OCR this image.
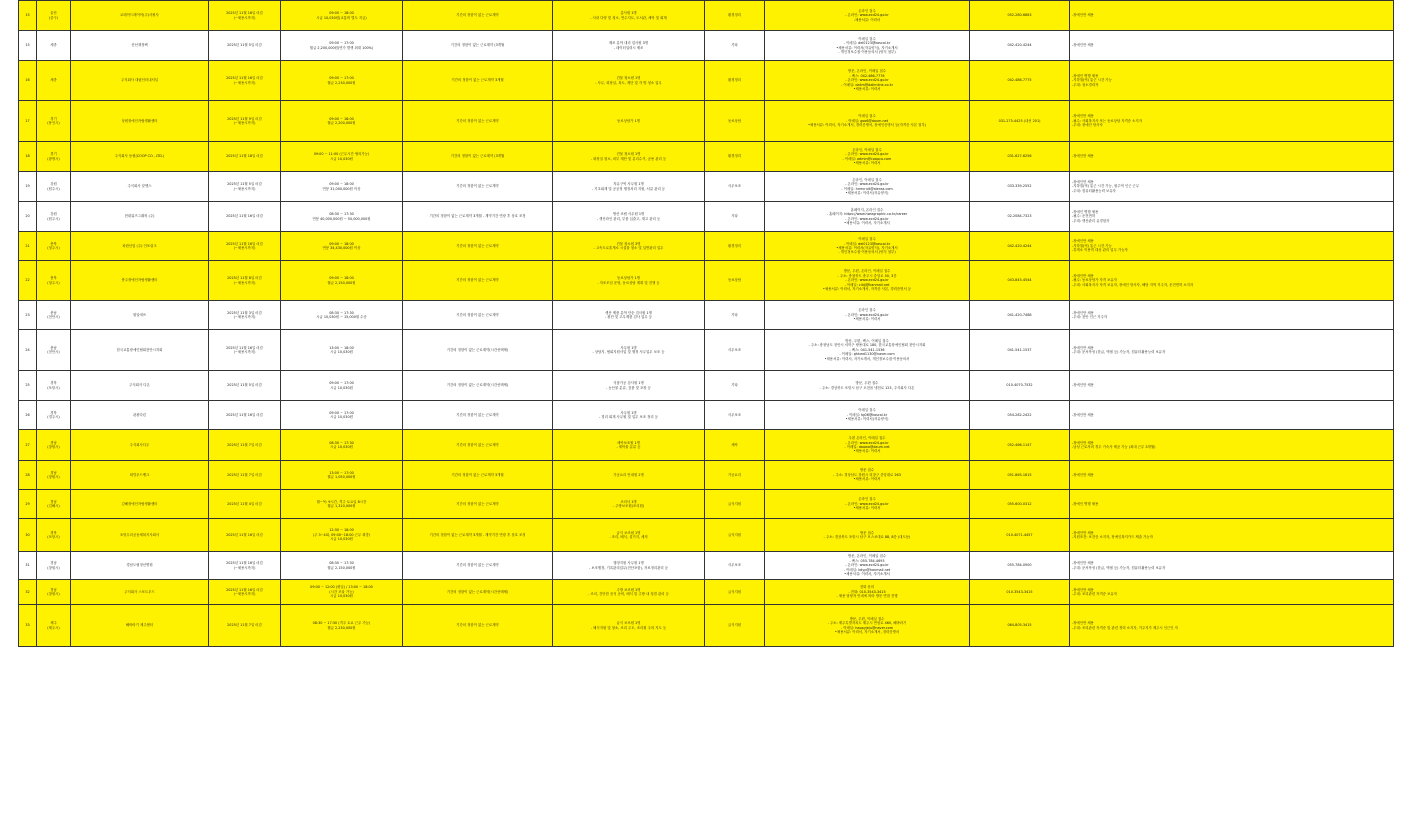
15	울산
(중구)	로테이드레이아(주)사원사	2025년 11월 16일 마감
(~채용시까지)	09:00 ~ 18:00
시급 10,030원(교통비 별도 지급)	기간의 정함이 없는 근로계약	총사원 1명
- 사내 다양 및 청소, 연수지도, 도서관, 세탁 및 회계	환경정리	온라인 접수
- 온라인: www.ecd24.go.kr
-채용서류: 이력서	052-280-6863	-장애인만 채용

15	세종	산선재정팩	2025년 11월 5일 마감	09:00 ~ 17:00
월급 2,200,000원(연가 발생 최대 100%)	기간의 정함이 없는 근로계약 (3개월	제조 분야 대리 업사원 3명
- 데이터입력시 제조	기타	이메일 접수
- 이메일: del0123@koscol.kr
•채용서류: 이력서(자유양식), 자기소개서
- 개인정보수집·이용동의서 (양식 첨부)	042-420-4244	-장애인만 채용

16	세종	주식회사 대림인터내셔널	2025년 11월 16일 마감
(~채용시까지)	09:00 ~ 17:00
월급 2,230,000원	기간의 정함이 없는 근로계약 3개월	건물 청소원 1명
- 사무, 화장실, 복도, 계단 및 각 방 청소 업무	환경정리	방문, 온라인, 이메일 접수
- 팩스: 042-486-7776
- 온라인: www.ecd24.go.kr
- 이메일: dalim@dalimlink.co.kr
•채용서류: 이력서	042-486-7775	-장애인 병행 채용
-지하철(역) 통근 시간 가능
-우대: 청소경력자

17	경기
(용인시)	상원장애인자립생활센터	2025년 11월 9일 마감
(~채용시까지)	09:00 ~ 18:00
월급 2,200,000원	기간의 정함이 없는 근로계약	동료상담가 1명	동료상담	이메일 접수
- 이메일: gso6@daum.net
•채용서류: 이력서, 자기소개서, 경력증명서, 장애인증명서 등(자격증 사본 첨부)	031-275-4425 (내선 201)	-장애인만 채용
-필수: 사회복지사 또는 동료상담 자격증 소지자
-우대: 장애인 당사자

18	경기
(광명시)	주식회사 동원(COOP CO., LTD.)	2025년 11월 18일 마감	09:00 ~ 11:00 (근무시간 협의가능)
시급 10,030원	기간의 정함이 없는 근로계약 (3개월	건물 청소원 1명
- 화장실 청소, 외부 계단 및 분리수거, 공용 관리 등	환경정리	온라인, 이메일 접수
- 온라인: www.ecd24.go.kr
- 이메일: admin@coopco.com
•채용서류: 이력서	031-627-6256	-장애인만 채용

19	강원
(원주시)	주식회사 알엔스	2025년 11월 5일 마감
(~채용시까지)	09:00 ~ 18:00
연봉 31,000,000원 이상	기간의 정함이 없는 근로계약	자유구역 사무원 1명
- 기초회계 및 공공정 행정처리 지원, 서류 관리 등	사무보조	온라인, 이메일 접수
- 온라인: www.ecd24.go.kr
- 이메일: hrrecruit@alenss.com
•채용서류: 이력서(자유양식)	033-339-2552	-장애인만 채용
-지하철(역) 통근 시간 가능, 원주역 인근 근무
-우대: 컴퓨터활용능력 보유자

20	강원
(원주시)	현대위즈그래픽 (주)	2025년 11월 16일 마감	08:30 ~ 17:30
연봉 40,000,000원 ~ 50,000,000원	기간의 정함이 없는 근로계약 3개월 - 계약기간 연장 후 상호 조정	생산 조립 사무원 1명
- 생산라인 관리, 부품 입출고, 재고 관리 등	기타	홈페이지, 온라인 접수
- 홈페이지: https://www.hwizgraphic.co.kr/career
- 온라인: www.ecd24.go.kr
•채용서류: 이력서, 자기소개서	02-2084-7323	-장애인 병행 채용
-필수: 운전면허
-우대: 생산관리 유경험자

21	충북
(청주시)	파란산업 (주) 인포링크	2025년 11월 16일 마감
(~채용시까지)	09:00 ~ 18:00
연봉 34,430,000원 이상	기간의 정함이 없는 근로계약	건물 청소원 3명
- 고속도로휴게소 시설물 청소 및 일반관리 업무	환경정리	이메일 접수
- 이메일: del0123@koscol.kr
•채용서류: 이력서(자유양식), 자기소개서
- 개인정보수집·이용동의서 (양식 첨부)	042-420-4244	-장애인만 채용
-지하철(역) 통근 시간 가능
-휴게소 이용객 대상 관리 업무 가능자

22	충북
(청주시)	충주장애인자립생활센터	2025년 11월 8일 마감
(~채용시까지)	09:00 ~ 18:00
월급 2,150,000원	기간의 정함이 없는 근로계약	동료상담가 1명
- 자조모임 운영, 동료상담 계획 및 진행 등	동료상담	방문, 우편, 온라인, 이메일 접수
- 주소: 충청북도 충주시 중앙로 50, 3층
- 온라인: www.ecd24.go.kr
- 이메일: cildj@hanmail.net
•채용서류: 이력서, 자기소개서, 자격증 사본, 경력증명서 등	043-845-4544	-장애인만 채용
-필수: 동료상담가 자격 보유자
-우대: 사회복지사 자격 보유자, 장애인 당사자, 해당 지역 거주자, 운전면허 소지자

23	충남
(천안시)	원일에쓰	2025년 11월 3일 마감
(~채용시까지)	08:30 ~ 17:30
시급 10,030원 ~ 15,000원 수준	기간의 정함이 없는 근로계약	생산 제품 분야 단순 검사원 1명
- 원단 및 고무제품 검사 업무 등	기타	온라인 접수
- 온라인: www.ecd24.go.kr
•채용서류: 이력서	041-420-7488	-장애인만 채용
-우대: 천안 인근 거주자

24	충남
(천안시)	한국교통장애인협회천안시지회	2025년 11월 16일 마감
(~채용시까지)	13:00 ~ 18:00
시급 10,030원	기간의 정함이 없는 근로계약(시간선택제)	사무원 1명
- 상담지, 협회지원사업 및 행정 사무업무 보조 등	사무보조	방문, 우편, 팩스, 이메일 접수
- 주소: 충청남도 천안시 서북구 쌍용대로 180, 한국교통장애인협회 천안시지회
- 팩스: 041-541-1536
- 이메일: ghkwd1130@naver.com
•채용서류: 이력서, 자기소개서, 개인정보수집·이용동의서	041-541-1537	-장애인만 채용
-우대: 문서작성 (한글, 엑셀 등) 가능자, 컴퓨터활용능력 보유자

25	경북
(포항시)	주식회사 다온	2025년 11월 5일 마감	09:00 ~ 17:00
시급 10,030원	기간의 정함이 없는 근로계약(시간선택제)	식품가공 검사원 1명
- 농산물 분류, 검품 및 포장 등	기타	방문, 우편 접수
- 주소: 경상북도 포항시 남구 오천읍 냉천로 123, 주식회사 다온	010-4070-7532	-장애인만 채용

26	경북
(경주시)	관광다린	2025년 11월 16일 마감	09:00 ~ 17:00
시급 10,030원	기간의 정함이 없는 근로계약	사무원 1명
- 경리 회계 사무원 및 업무 보조 정리 등	사무보조	이메일 접수
- 이메일: tg06@koscol.kr
•채용서류: 이력서(자유양식)	054-282-2422	-장애인만 채용

27	경남
(창원시)	주식회사다우	2025년 11월 7일 마감	08:30 ~ 17:30
시급 10,030원	기간의 정함이 없는 근로계약	세탁보조원 1명
- 세탁물 분류 등	세탁	우편 온라인, 이메일 접수
- 온라인: www.ecd24.go.kr
- 이메일: daowo@daum.net
•채용서류: 이력서	052-466-1147	-장애인만 채용
-남성 근로자의 경우 기숙사 제공 가능 (최대 근무 3개월)

28	경남
(창원시)	희망푸드뱅크	2025년 11월 7일 마감	13:00 ~ 17:00
월급 1,050,000원	기간의 정함이 없는 근로계약 3개월	가공요리 안내원 2명	가공요리	방문 접수
- 주소: 경상남도 창원시 의창구 중앙대로 263
•채용서류: 이력서	051-865-1815	-장애인만 채용

29	경남
(김해시)	김해장애인자립생활센터	2025년 11월 4일 마감	월~목: 9시간, 격주 토요일 8시간
월급 1,310,000원	기간의 정함이 없는 근로계약	조리사 1명
- 주방보조원(조리원)	급식지원	온라인 접수
- 온라인: www.ecd24.go.kr
•채용서류: 이력서	055-600-0312	-장애인 병행 채용

30	경북
(포항시)	포항우리공동체복지사회사	2025년 11월 16일 마감	12:30 ~ 18:00
(주 3~4회, 09:00~18:00 근무 희망)
시급 10,030원	기간의 정함이 없는 근로계약 3개월 - 계약기간 연장 후 상호 조정	급식 보조원 1명
- 조리, 배식, 설거지, 세척	급식지원	방문 접수
- 주소: 경상북도 포항시 남구 포스코대로 88, 8층 (대도동)	010-4071-4457	-장애인만 채용
-지원조건: 보건증 소지자, 장애인복지카드 제출 가능자

31	경남
(창원시)	경남도립정신병원	2025년 11월 16일 마감
(~채용시까지)	08:30 ~ 17:30
월급 2,150,000원	기간의 정함이 없는 근로계약	행정지원 사무원 1명
- 보조행정, 기록관리업무(전산포함), 자료정리관리 등	사무보조	방문, 온라인, 이메일 접수
- 팩스: 055-784-4693
- 온라인: www.ecd24.go.kr
- 이메일: kdyp@hanmail.net
•채용서류: 이력서, 자기소개서	055-784-0900	-장애인만 채용
-우대: 문서작성 (한글, 엑셀 등) 가능자, 컴퓨터활용능력 보유자

32	경남
(창원시)	주식회사 스포트푸드	2025년 11월 16일 마감
(~채용시까지)	09:00 ~ 12:00 (평일) / 13:00 ~ 18:00
(시간 조율 가능)
시급 10,030원	기간의 정함이 없는 근로계약(시간선택제)	주방 보조원 1명
- 조리, 간단한 음식 준비, 배식 및 주방 내 청결 관리 등	급식지원	전화 문의
- 전화: 010-3543-3415
- 채용 담당자 안내에 따라 방문 면접 진행	010-3543-3415	-장애인만 채용
-우대: 조리관련 자격증 보유자

33	제주
(제주시)	해바라기 제주센터	2025년 11월 7일 마감	08:30 ~ 17:30 (격주 토요 근무 가능)
월급 2,230,000원	기간의 정함이 없는 근로계약	급식 보조원 1명
- 배식지원 및 청소, 조리 주도, 조리원 주의 지도 등	급식지원	방문, 우편, 이메일 접수
- 주소: 제주특별자치도 제주시 연삼로 460, 해바라기
- 이메일: happyjeju@naver.com
•채용서류: 이력서, 자기소개서, 경력증명서	064-805-3415	-장애인만 채용
-우대: 조리관련 자격증 및 관련 경력 소지자, 거주지가 제주시 인근인 자
